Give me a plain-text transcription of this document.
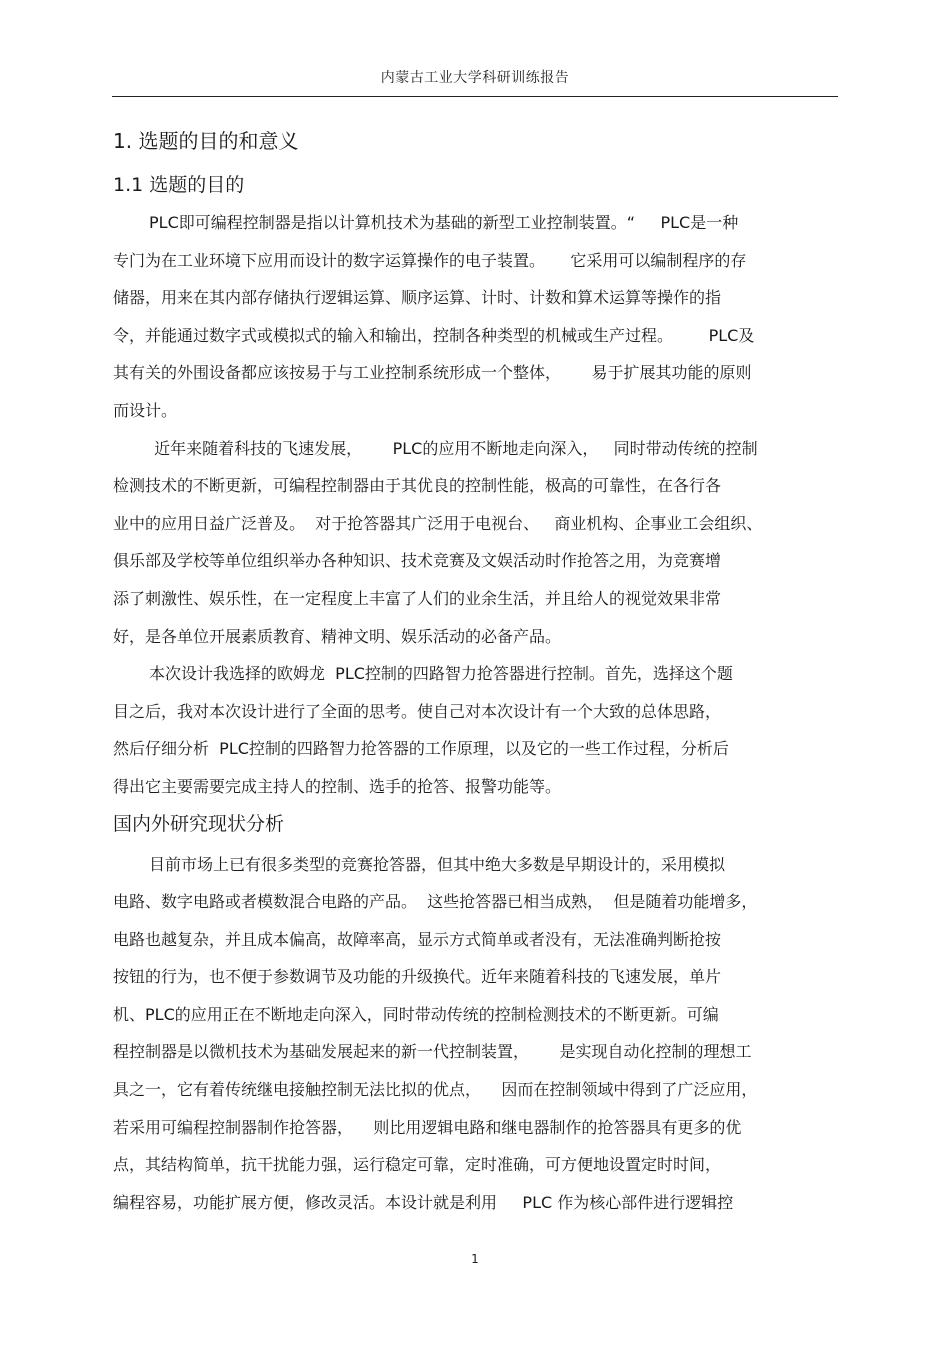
内蒙古工业大学科研训练报告
1. 选题的目的和意义
1.1 选题的目的

PLC即可编程控制器是指以计算机技术为基础的新型工业控制装置。“     PLC是一种
专门为在工业环境下应用而设计的数字运算操作的电子装置。     它采用可以编制程序的存
储器，用来在其内部存储执行逻辑运算、顺序运算、计时、计数和算术运算等操作的指
令，并能通过数字式或模拟式的输入和输出，控制各种类型的机械或生产过程。       PLC及
其有关的外围设备都应该按易于与工业控制系统形成一个整体，      易于扩展其功能的原则
而设计。

近年来随着科技的飞速发展，      PLC的应用不断地走向深入，   同时带动传统的控制
检测技术的不断更新，可编程控制器由于其优良的控制性能，极高的可靠性，在各行各
业中的应用日益广泛普及。  对于抢答器其广泛用于电视台、   商业机构、企事业工会组织、
俱乐部及学校等单位组织举办各种知识、技术竞赛及文娱活动时作抢答之用，为竞赛增
添了刺激性、娱乐性，在一定程度上丰富了人们的业余生活，并且给人的视觉效果非常
好，是各单位开展素质教育、精神文明、娱乐活动的必备产品。

本次设计我选择的欧姆龙  PLC控制的四路智力抢答器进行控制。首先，选择这个题
目之后，我对本次设计进行了全面的思考。使自己对本次设计有一个大致的总体思路，
然后仔细分析  PLC控制的四路智力抢答器的工作原理，以及它的一些工作过程，分析后
得出它主要需要完成主持人的控制、选手的抢答、报警功能等。

国内外研究现状分析

目前市场上已有很多类型的竞赛抢答器，但其中绝大多数是早期设计的，采用模拟
电路、数字电路或者模数混合电路的产品。  这些抢答器已相当成熟，  但是随着功能增多，
电路也越复杂，并且成本偏高，故障率高，显示方式简单或者没有，无法准确判断抢按
按钮的行为，也不便于参数调节及功能的升级换代。近年来随着科技的飞速发展，单片
机、PLC的应用正在不断地走向深入，同时带动传统的控制检测技术的不断更新。可编
程控制器是以微机技术为基础发展起来的新一代控制装置，      是实现自动化控制的理想工
具之一，它有着传统继电接触控制无法比拟的优点，    因而在控制领域中得到了广泛应用，
若采用可编程控制器制作抢答器，    则比用逻辑电路和继电器制作的抢答器具有更多的优
点，其结构简单，抗干扰能力强，运行稳定可靠，定时准确，可方便地设置定时时间，
编程容易，功能扩展方便，修改灵活。本设计就是利用     PLC 作为核心部件进行逻辑控

1
